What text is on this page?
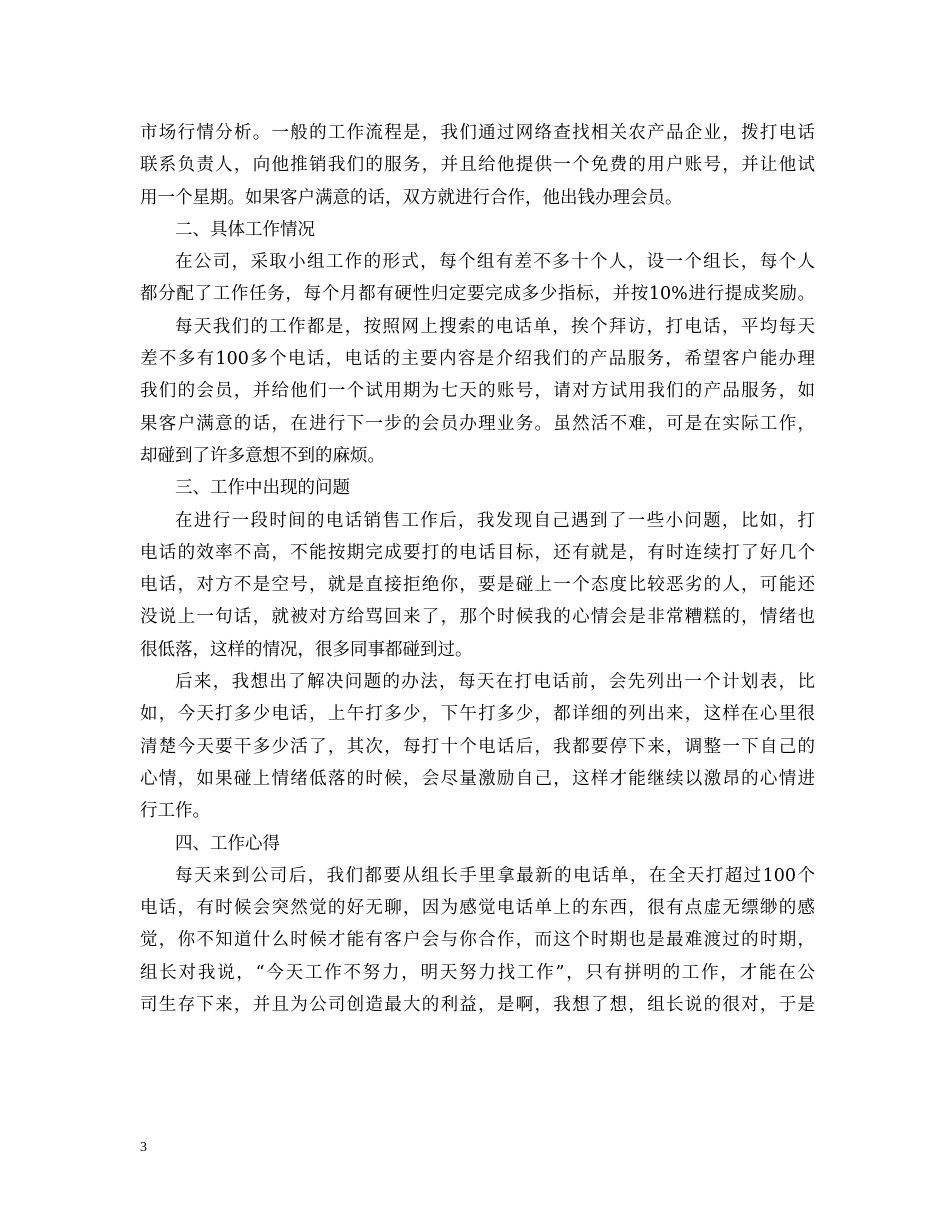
市场行情分析。一般的工作流程是，我们通过网络查找相关农产品企业，拨打电话
联系负责人，向他推销我们的服务，并且给他提供一个免费的用户账号，并让他试
用一个星期。如果客户满意的话，双方就进行合作，他出钱办理会员。
二、具体工作情况
在公司，采取小组工作的形式，每个组有差不多十个人，设一个组长，每个人
都分配了工作任务，每个月都有硬性归定要完成多少指标，并按10%进行提成奖励。
每天我们的工作都是，按照网上搜索的电话单，挨个拜访，打电话，平均每天
差不多有100多个电话，电话的主要内容是介绍我们的产品服务，希望客户能办理
我们的会员，并给他们一个试用期为七天的账号，请对方试用我们的产品服务，如
果客户满意的话，在进行下一步的会员办理业务。虽然活不难，可是在实际工作，
却碰到了许多意想不到的麻烦。
三、工作中出现的问题
在进行一段时间的电话销售工作后，我发现自己遇到了一些小问题，比如，打
电话的效率不高，不能按期完成要打的电话目标，还有就是，有时连续打了好几个
电话，对方不是空号，就是直接拒绝你，要是碰上一个态度比较恶劣的人，可能还
没说上一句话，就被对方给骂回来了，那个时候我的心情会是非常糟糕的，情绪也
很低落，这样的情况，很多同事都碰到过。
后来，我想出了解决问题的办法，每天在打电话前，会先列出一个计划表，比
如，今天打多少电话，上午打多少，下午打多少，都详细的列出来，这样在心里很
清楚今天要干多少活了，其次，每打十个电话后，我都要停下来，调整一下自己的
心情，如果碰上情绪低落的时候，会尽量激励自己，这样才能继续以激昂的心情进
行工作。
四、工作心得
每天来到公司后，我们都要从组长手里拿最新的电话单，在全天打超过100个
电话，有时候会突然觉的好无聊，因为感觉电话单上的东西，很有点虚无缥缈的感
觉，你不知道什么时候才能有客户会与你合作，而这个时期也是最难渡过的时期，
组长对我说，“今天工作不努力，明天努力找工作”，只有拼明的工作，才能在公
司生存下来，并且为公司创造最大的利益，是啊，我想了想，组长说的很对，于是
3
